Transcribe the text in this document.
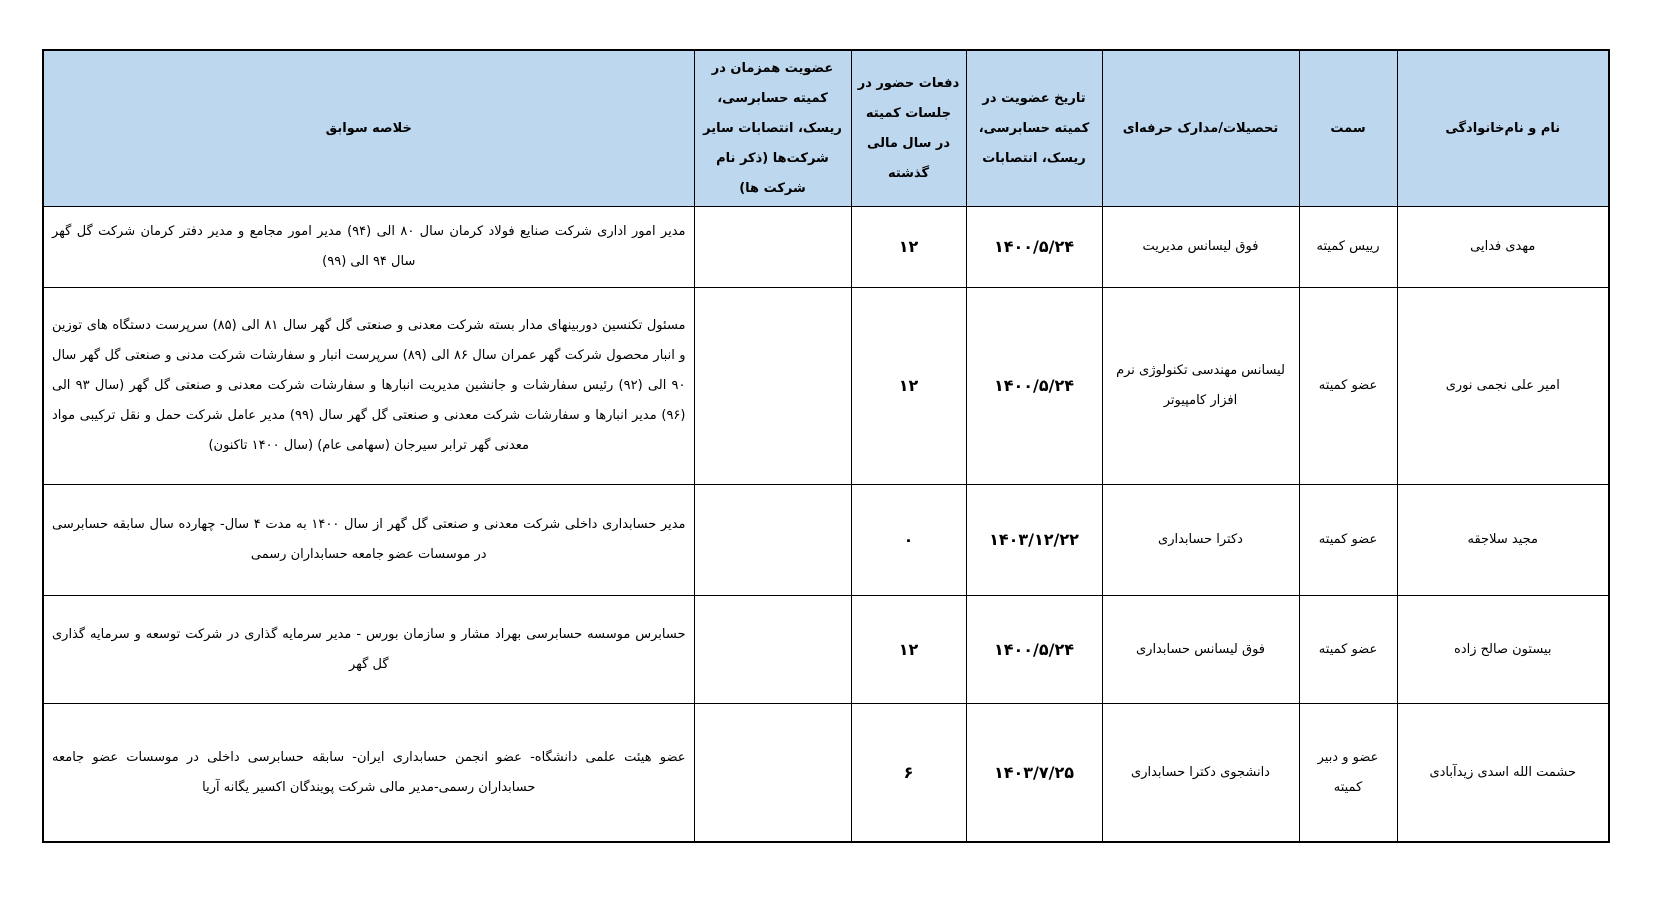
نام و نام‌خانوادگی	سمت	تحصیلات/مدارک حرفه‌ای	تاریخ عضویت در کمیته حسابرسی، ریسک، انتصابات	دفعات حضور در جلسات کمیته در سال مالی گذشته	عضویت همزمان در کمیته حسابرسی، ریسک، انتصابات سایر شرکت‌ها (ذکر نام شرکت ها)	خلاصه سوابق
مهدی فدایی	رییس کمیته	فوق لیسانس مدیریت	۱۴۰۰/۵/۲۴	۱۲		مدیر امور اداری شرکت صنایع فولاد کرمان سال ۸۰ الی (۹۴) مدیر امور مجامع و مدیر دفتر کرمان شرکت گل گهر سال ۹۴ الی (۹۹)
امیر علی نجمی نوری	عضو کمیته	لیسانس مهندسی تکنولوژی نرم افزار کامپیوتر	۱۴۰۰/۵/۲۴	۱۲		مسئول تکنسین دوربینهای مدار بسته شرکت معدنی و صنعتی گل گهر سال ۸۱ الی (۸۵) سرپرست دستگاه های توزین و انبار محصول شرکت گهر عمران سال ۸۶ الی (۸۹) سرپرست انبار و سفارشات شرکت مدنی و صنعتی گل گهر سال ۹۰ الی (۹۲) رئیس سفارشات و جانشین مدیریت انبارها و سفارشات شرکت معدنی و صنعتی گل گهر (سال ۹۳ الی (۹۶) مدیر انبارها و سفارشات شرکت معدنی و صنعتی گل گهر سال (۹۹) مدیر عامل شرکت حمل و نقل ترکیبی مواد معدنی گهر ترابر سیرجان (سهامی عام) (سال ۱۴۰۰ تاکنون)
مجید سلاجقه	عضو کمیته	دکترا حسابداری	۱۴۰۳/۱۲/۲۲	۰		مدیر حسابداری داخلی شرکت معدنی و صنعتی گل گهر از سال ۱۴۰۰ به مدت ۴ سال- چهارده سال سابقه حسابرسی در موسسات عضو جامعه حسابداران رسمی
بیستون صالح زاده	عضو کمیته	فوق لیسانس حسابداری	۱۴۰۰/۵/۲۴	۱۲		حسابرس موسسه حسابرسی بهراد مشار و سازمان بورس - مدیر سرمایه گذاری در شرکت توسعه و سرمایه گذاری گل گهر
حشمت الله اسدی زیدآبادی	عضو و دبیر کمیته	دانشجوی دکترا حسابداری	۱۴۰۳/۷/۲۵	۶		عضو هیئت علمی دانشگاه- عضو انجمن حسابداری ایران- سابقه حسابرسی داخلی در موسسات عضو جامعه حسابداران رسمی-مدیر مالی شرکت پویندگان اکسیر یگانه آریا
